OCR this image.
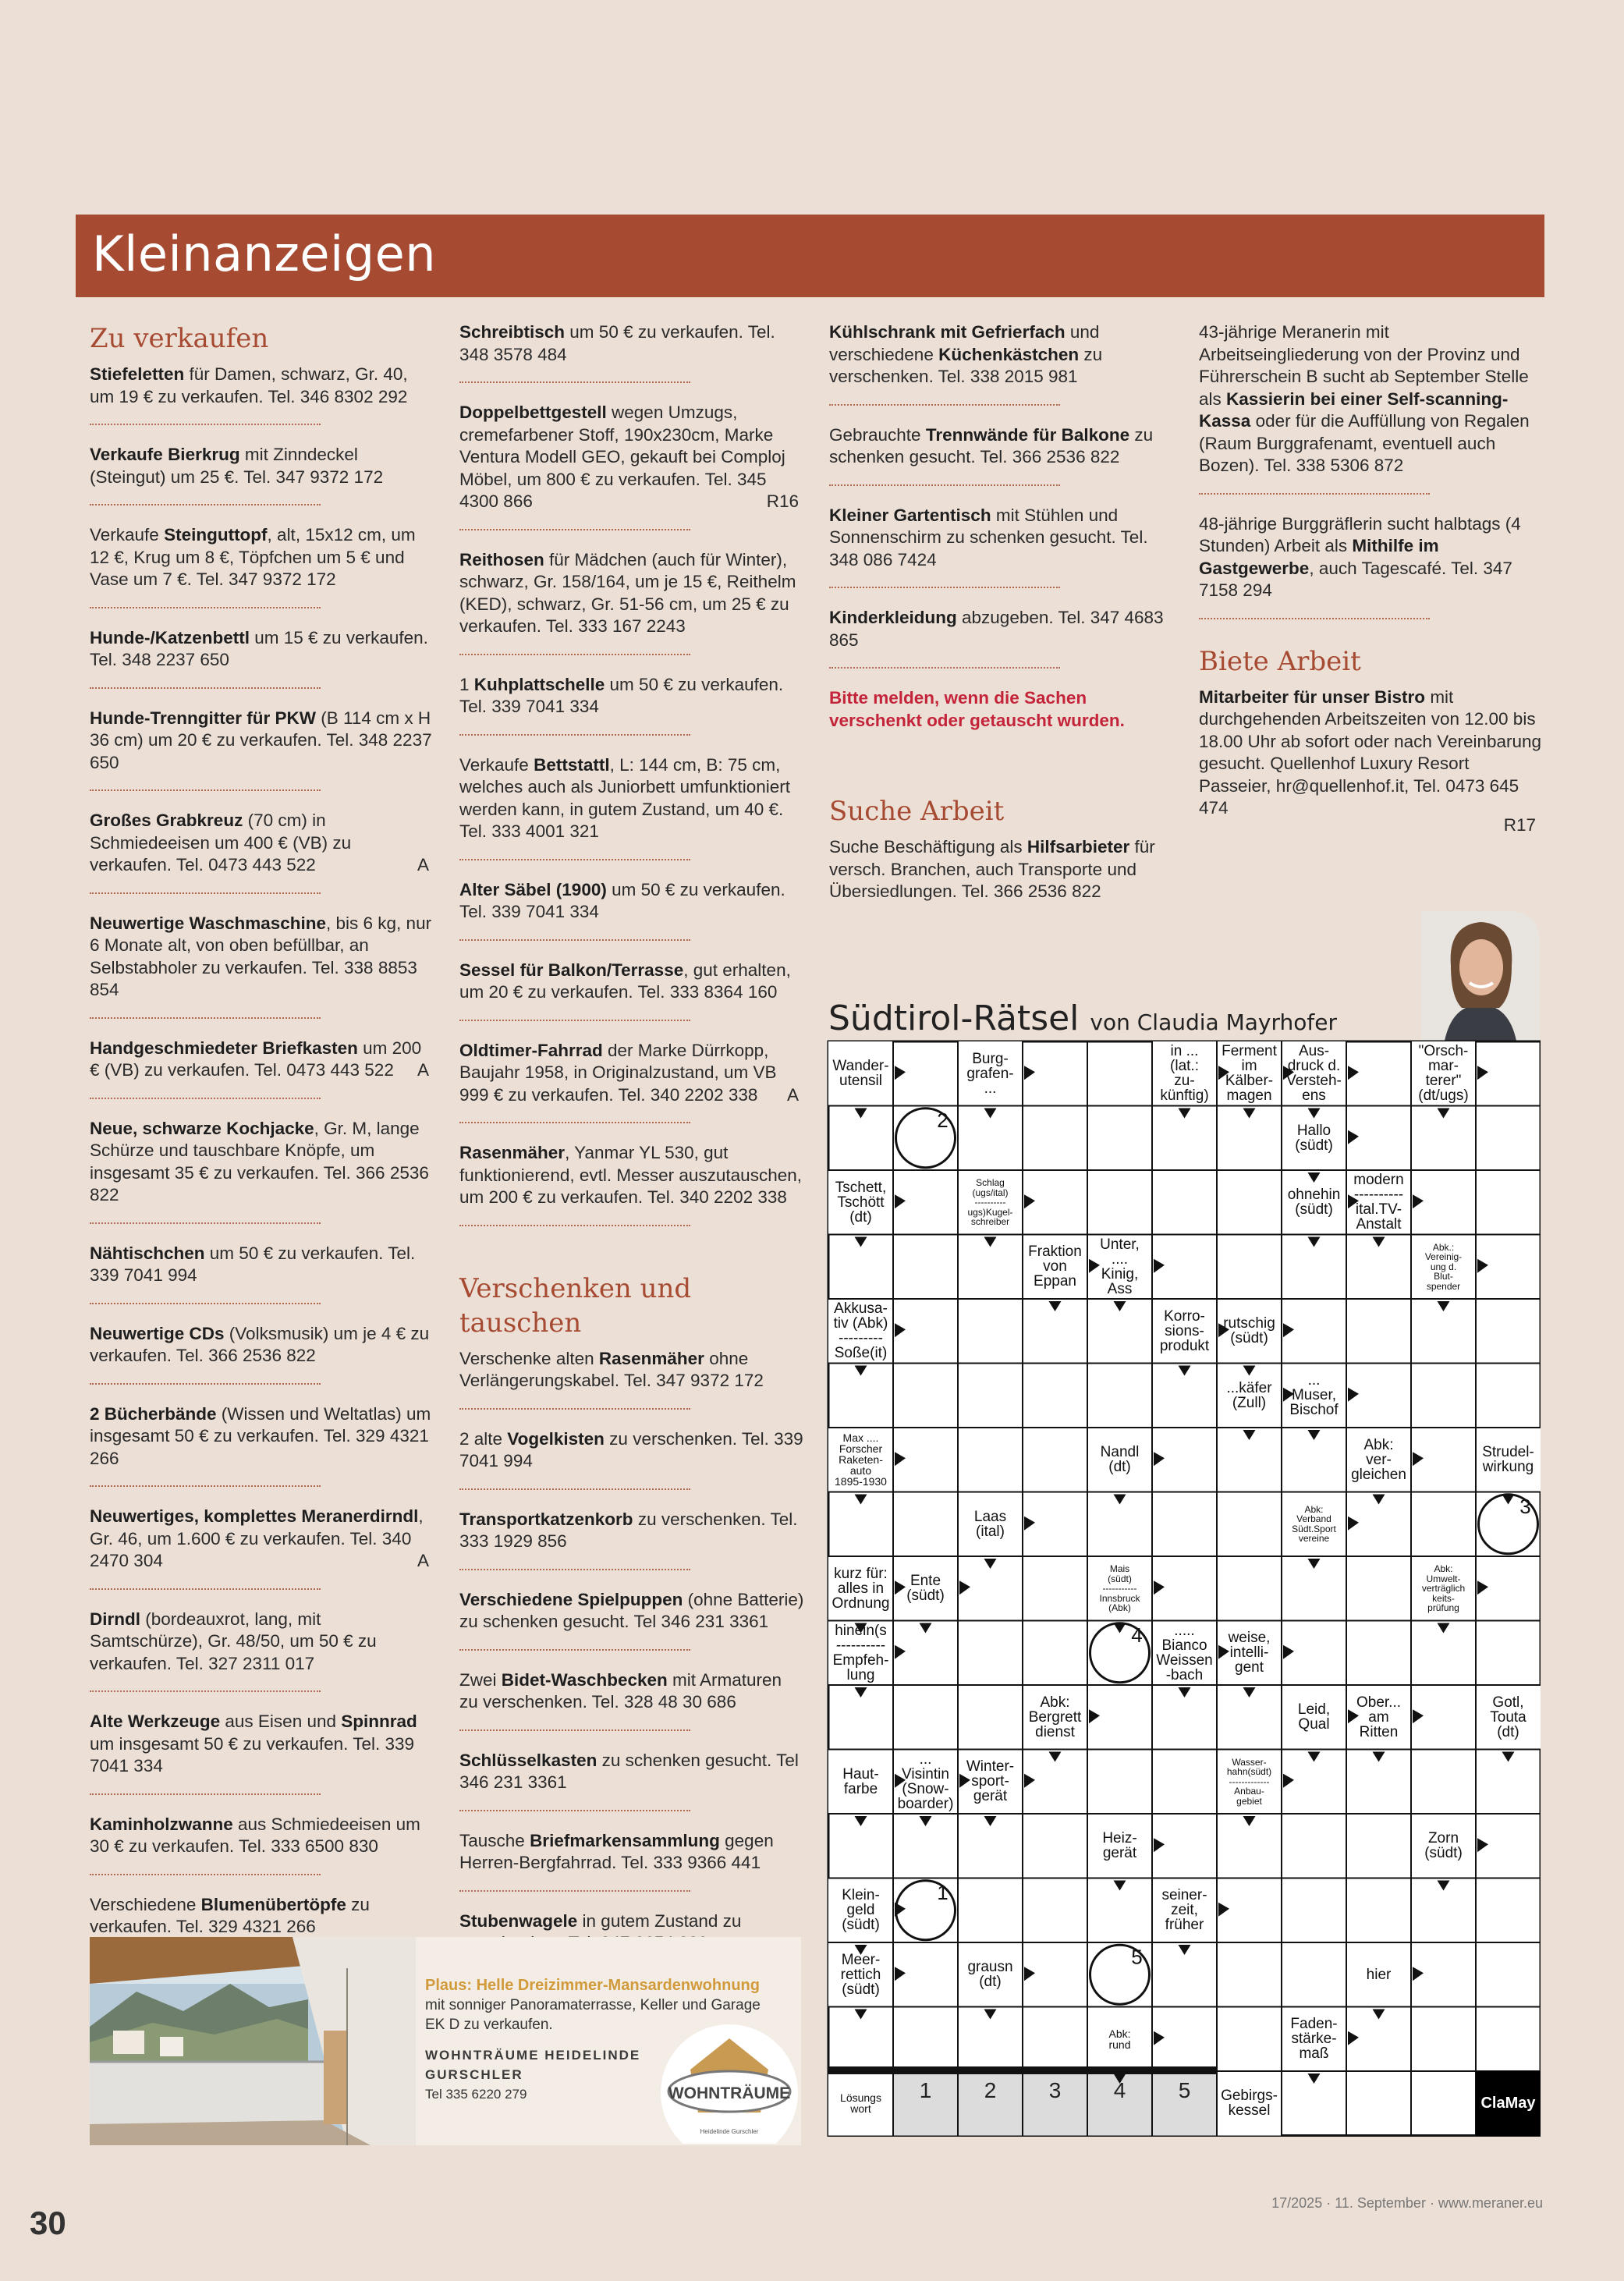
Kleinanzeigen
Zu verkaufen
Stiefeletten für Damen, schwarz, Gr. 40, um 19 € zu verkaufen. Tel. 346 8302 292
Verkaufe Bierkrug mit Zinndeckel (Steingut) um 25 €. Tel. 347 9372 172
Verkaufe Steinguttopf, alt, 15x12 cm, um 12 €, Krug um 8 €, Töpfchen um 5 € und Vase um 7 €. Tel. 347 9372 172
Hunde-/Katzenbettl um 15 € zu verkaufen. Tel. 348 2237 650
Hunde-Trenngitter für PKW (B 114 cm x H 36 cm) um 20 € zu verkaufen. Tel. 348 2237 650
Großes Grabkreuz (70 cm) in Schmiedeeisen um 400 € (VB) zu verkaufen. Tel. 0473 443 522	A
Neuwertige Waschmaschine, bis 6 kg, nur 6 Monate alt, von oben befüllbar, an Selbstabholer zu verkaufen. Tel. 338 8853 854
Handgeschmiedeter Briefkasten um 200 € (VB) zu verkaufen. Tel. 0473 443 522 A
Neue, schwarze Kochjacke, Gr. M, lange Schürze und tauschbare Knöpfe, um insgesamt 35 € zu verkaufen. Tel. 366 2536 822
Nähtischchen um 50 € zu verkaufen. Tel. 339 7041 994
Neuwertige CDs (Volksmusik) um je 4 € zu verkaufen. Tel. 366 2536 822
2 Bücherbände (Wissen und Weltatlas) um insgesamt 50 € zu verkaufen. Tel. 329 4321 266
Neuwertiges, komplettes Meranerdirndl, Gr. 46, um 1.600 € zu verkaufen. Tel. 340 2470 304	A
Dirndl (bordeauxrot, lang, mit Samtschürze), Gr. 48/50, um 50 € zu verkaufen. Tel. 327 2311 017
Alte Werkzeuge aus Eisen und Spinnrad um insgesamt 50 € zu verkaufen. Tel. 339 7041 334
Kaminholzwanne aus Schmiedeeisen um 30 € zu verkaufen. Tel. 333 6500 830
Verschiedene Blumenübertöpfe zu verkaufen. Tel. 329 4321 266
Schreibtisch um 50 € zu verkaufen. Tel. 348 3578 484
Doppelbettgestell wegen Umzugs, cremefarbener Stoff, 190x230cm, Marke Ventura Modell GEO, gekauft bei Comploj Möbel, um 800 € zu verkaufen. Tel. 345 4300 866	R16
Reithosen für Mädchen (auch für Winter), schwarz, Gr. 158/164, um je 15 €, Reithelm (KED), schwarz, Gr. 51-56 cm, um 25 € zu verkaufen. Tel. 333 167 2243
1 Kuhplattschelle um 50 € zu verkaufen. Tel. 339 7041 334
Verkaufe Bettstattl, L: 144 cm, B: 75 cm, welches auch als Juniorbett umfunktioniert werden kann, in gutem Zustand, um 40 €. Tel. 333 4001 321
Alter Säbel (1900) um 50 € zu verkaufen. Tel. 339 7041 334
Sessel für Balkon/Terrasse, gut erhalten, um 20 € zu verkaufen. Tel. 333 8364 160
Oldtimer-Fahrrad der Marke Dürrkopp, Baujahr 1958, in Originalzustand, um VB 999 € zu verkaufen. Tel. 340 2202 338 A
Rasenmäher, Yanmar YL 530, gut funktionierend, evtl. Messer auszutauschen, um 200 € zu verkaufen. Tel. 340 2202 338
Verschenken und tauschen
Verschenke alten Rasenmäher ohne Verlängerungskabel. Tel. 347 9372 172
2 alte Vogelkisten zu verschenken. Tel. 339 7041 994
Transportkatzenkorb zu verschenken. Tel. 333 1929 856
Verschiedene Spielpuppen (ohne Batterie) zu schenken gesucht. Tel 346 231 3361
Zwei Bidet-Waschbecken mit Armaturen zu verschenken. Tel. 328 48 30 686
Schlüsselkasten zu schenken gesucht. Tel 346 231 3361
Tausche Briefmarkensammlung gegen Herren-Bergfahrrad. Tel. 333 9366 441
Stubenwagele in gutem Zustand zu
Kühlschrank mit Gefrierfach und verschiedene Küchenkästchen zu verschenken. Tel. 338 2015 981
Gebrauchte Trennwände für Balkone zu schenken gesucht. Tel. 366 2536 822
Kleiner Gartentisch mit Stühlen und Sonnenschirm zu schenken gesucht. Tel. 348 086 7424
Kinderkleidung abzugeben. Tel. 347 4683 865
Bitte melden, wenn die Sachen verschenkt oder getauscht wurden.
Suche Arbeit
Suche Beschäftigung als Hilfsarbieter für versch. Branchen, auch Transporte und Übersiedlungen. Tel. 366 2536 822
43-jährige Meranerin mit Arbeitseingliederung von der Provinz und Führerschein B sucht ab September Stelle als Kassierin bei einer Self-scanning-Kassa oder für die Auffüllung von Regalen (Raum Burggrafenamt, eventuell auch Bozen). Tel. 338 5306 872
48-jährige Burggräflerin sucht halbtags (4 Stunden) Arbeit als Mithilfe im Gastgewerbe, auch Tagescafé. Tel. 347 7158 294
Biete Arbeit
Mitarbeiter für unser Bistro mit durchgehenden Arbeitszeiten von 12.00 bis 18.00 Uhr ab sofort oder nach Vereinbarung gesucht. Quellenhof Luxury Resort Passeier, hr@quellenhof.it, Tel. 0473 645 474
R17
Plaus: Helle Dreizimmer-Mansardenwohnung
mit sonniger Panoramaterrasse, Keller und Garage EK D zu verkaufen.
WOHNTRÄUME HEIDELINDE
GURSCHLER
Tel 335 6220 279	WOHNTRÄUME
IMMOBILIEN
Heidelinde Gurschler
Südtirol-Rätsel von Claudia Mayrhofer
2
3
4
1
5
1 2 3 4 5
Wander-
utensil
Burg-
grafen-
...
in ...
(lat.:
zu-
künftig)
Ferment
im
Kälber-
magen
Aus-
druck d.
Versteh-
ens
"Orsch-
mar-
terer"
(dt/ugs)
Hallo
(südt)
Tschett,
Tschött
(dt)
Schlag
(ugs/ital)
----------
ugs)Kugel-
schreiber
ohnehin
(südt)
modern
----------
ital.TV-
Anstalt
Fraktion
von
Eppan
Unter,
....
Kinig,
Ass
Abk.:
Vereinig-
ung d.
Blut-
spender
Akkusa-
tiv (Abk)
---------
Soße(it)
Korro-
sions-
produkt
rutschig
(südt)
...käfer
(Zull)
...
Muser,
Bischof
Max ....
Forscher
Raketen-
auto
1895-1930
Nandl
(dt)
Abk:
ver-
gleichen
Strudel-
wirkung
Laas
(ital)
Abk:
Verband
Südt.Sport
vereine
kurz für:
alles in
Ordnung
Ente
(südt)
Mais
(südt)
-----------
Innsbruck
(Abk)
Abk:
Umwelt-
verträglich
keits-
prüfung
hinein(s
----------
Empfeh-
lung
.....
Bianco
Weissen
-bach
weise,
intelli-
gent
Abk:
Bergrett
dienst
Leid,
Qual
Ober...
am
Ritten
Gotl,
Touta
(dt)
Haut-
farbe
...
Visintin
(Snow-
boarder)
Winter-
sport-
gerät
Wasser-
hahn(südt)
-------------
Anbau-
gebiet
Heiz-
gerät
Zorn
(südt)
Klein-
geld
(südt)
seiner-
zeit,
früher
Meer-
rettich
(südt)
grausn
(dt)	hier
Abk:
rund
Faden-
stärke-
maß
Lösungs
wort
Gebirgs-
kessel	ClaMay
30
17/2025 · 11. September · www.meraner.eu
